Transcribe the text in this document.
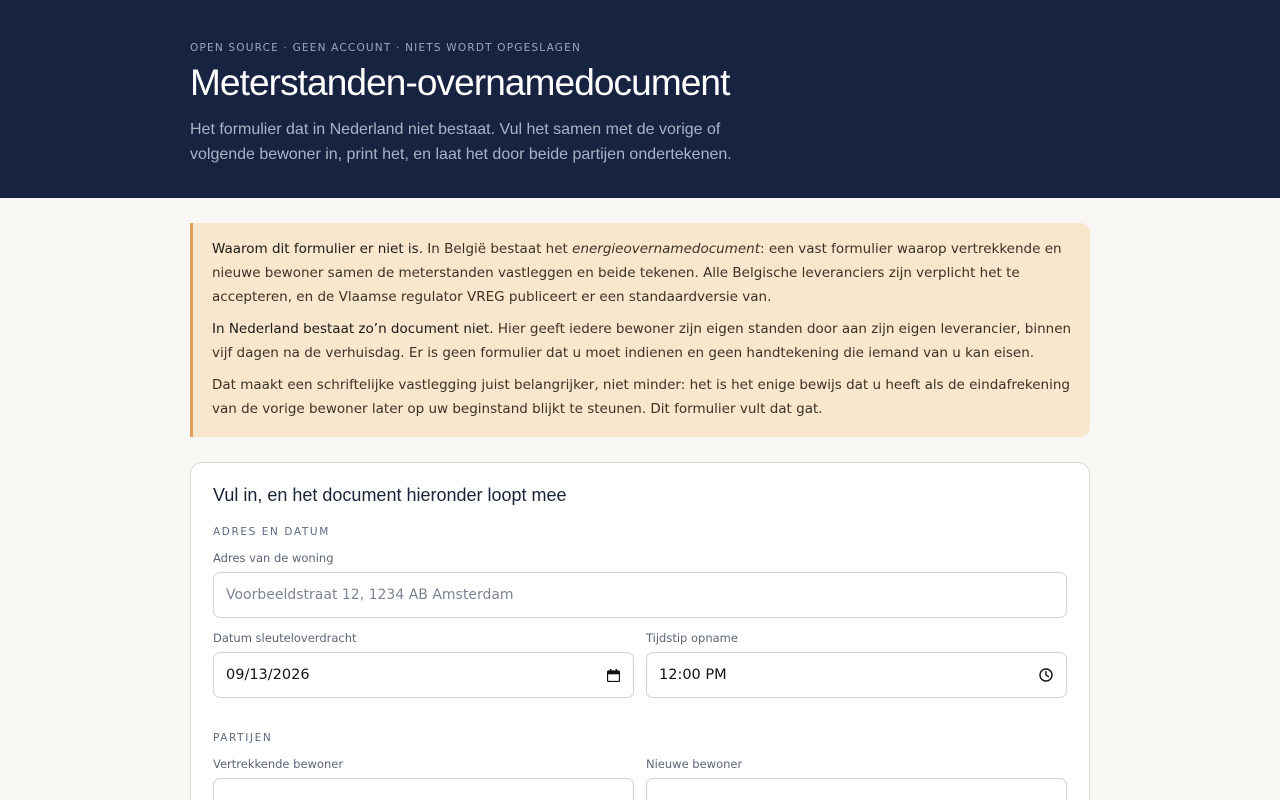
OPEN SOURCE · GEEN ACCOUNT · NIETS WORDT OPGESLAGEN
Meterstanden-overnamedocument

Het formulier dat in Nederland niet bestaat. Vul het samen met de vorige of volgende bewoner in, print het, en laat het door beide partijen ondertekenen.

Waarom dit formulier er niet is. In België bestaat het energieovernamedocument: een vast formulier waarop vertrekkende en nieuwe bewoner samen de meterstanden vastleggen en beide tekenen. Alle Belgische leveranciers zijn verplicht het te accepteren, en de Vlaamse regulator VREG publiceert er een standaardversie van.

In Nederland bestaat zo’n document niet. Hier geeft iedere bewoner zijn eigen standen door aan zijn eigen leverancier, binnen vijf dagen na de verhuisdag. Er is geen formulier dat u moet indienen en geen handtekening die iemand van u kan eisen.

Dat maakt een schriftelijke vastlegging juist belangrijker, niet minder: het is het enige bewijs dat u heeft als de eindafrekening van de vorige bewoner later op uw beginstand blijkt te steunen. Dit formulier vult dat gat.

Vul in, en het document hieronder loopt mee
ADRES EN DATUM
Adres van de woning
Voorbeeldstraat 12, 1234 AB Amsterdam
Datum sleuteloverdracht
09/13/2026
Tijdstip opname
12:00 PM
PARTIJEN
Vertrekkende bewoner	Nieuwe bewoner
